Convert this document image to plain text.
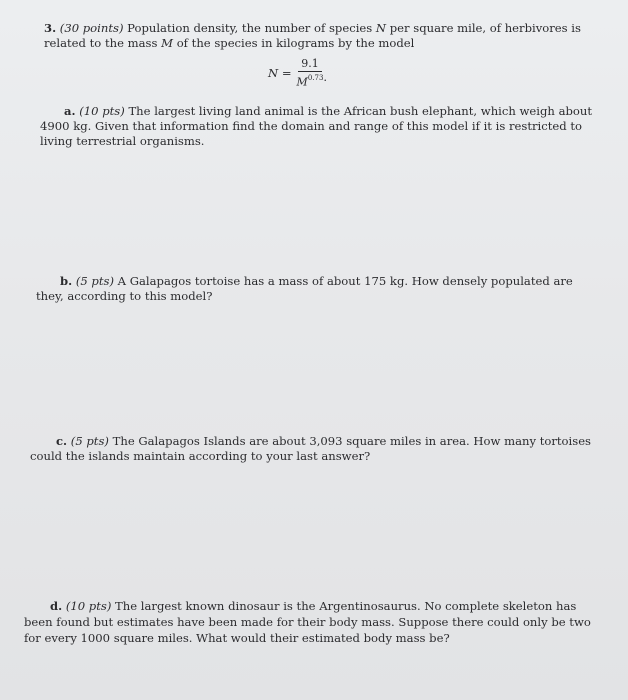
3. (30 points) Population density, the number of species N per square mile, of herbivores is
related to the mass M of the species in kilograms by the model
$N = \frac{9.1}{M^{0.73}}$ .
a. (10 pts) The largest living land animal is the African bush elephant, which weigh about
4900 kg. Given that information find the domain and range of this model if it is restricted to
living terrestrial organisms.
b. (5 pts) A Galapagos tortoise has a mass of about 175 kg. How densely populated are
they, according to this model?
c. (5 pts) The Galapagos Islands are about 3,093 square miles in area. How many tortoises
could the islands maintain according to your last answer?
d. (10 pts) The largest known dinosaur is the Argentinosaurus. No complete skeleton has
been found but estimates have been made for their body mass. Suppose there could only be two
for every 1000 square miles. What would their estimated body mass be?
